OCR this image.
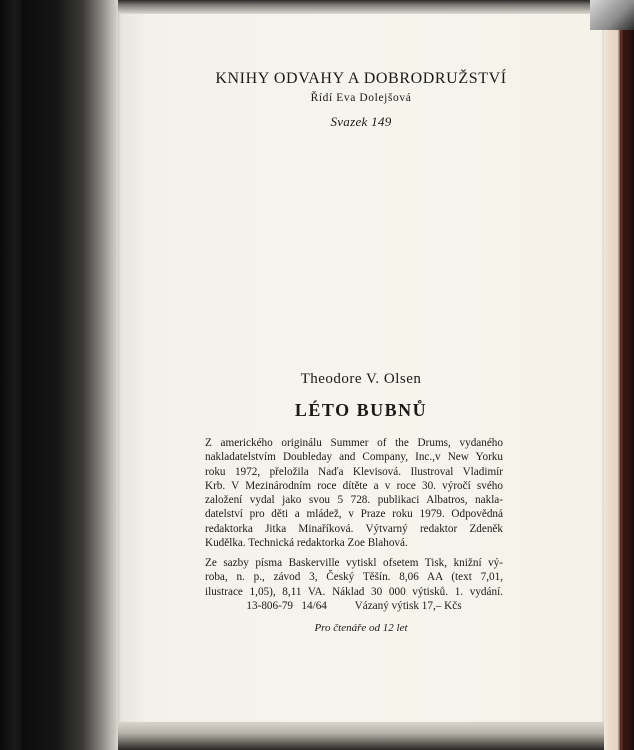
KNIHY ODVAHY A DOBRODRUŽSTVÍ
Řídí Eva Dolejšová
Svazek 149
Theodore V. Olsen
LÉTO BUBNŮ
Z amerického originálu Summer of the Drums, vydaného
nakladatelstvím Doubleday and Company, Inc.,v New Yorku
roku 1972, přeložila Naďa Klevisová. Ilustroval Vladimír
Krb. V Mezinárodním roce dítěte a v roce 30. výročí svého
založení vydal jako svou 5 728. publikaci Albatros, nakla-
datelství pro děti a mládež, v Praze roku 1979. Odpovědná
redaktorka Jitka Minaříková. Výtvarný redaktor Zdeněk
Kudělka. Technická redaktorka Zoe Blahová.
Ze sazby písma Baskerville vytiskl ofsetem Tisk, knižní vý-
roba, n. p., závod 3, Český Těšín. 8,06 AA (text 7,01,
ilustrace 1,05), 8,11 VA. Náklad 30 000 výtisků. 1. vydání.
13-806-79   14/64          Vázaný výtisk 17,– Kčs
Pro čtenáře od 12 let
